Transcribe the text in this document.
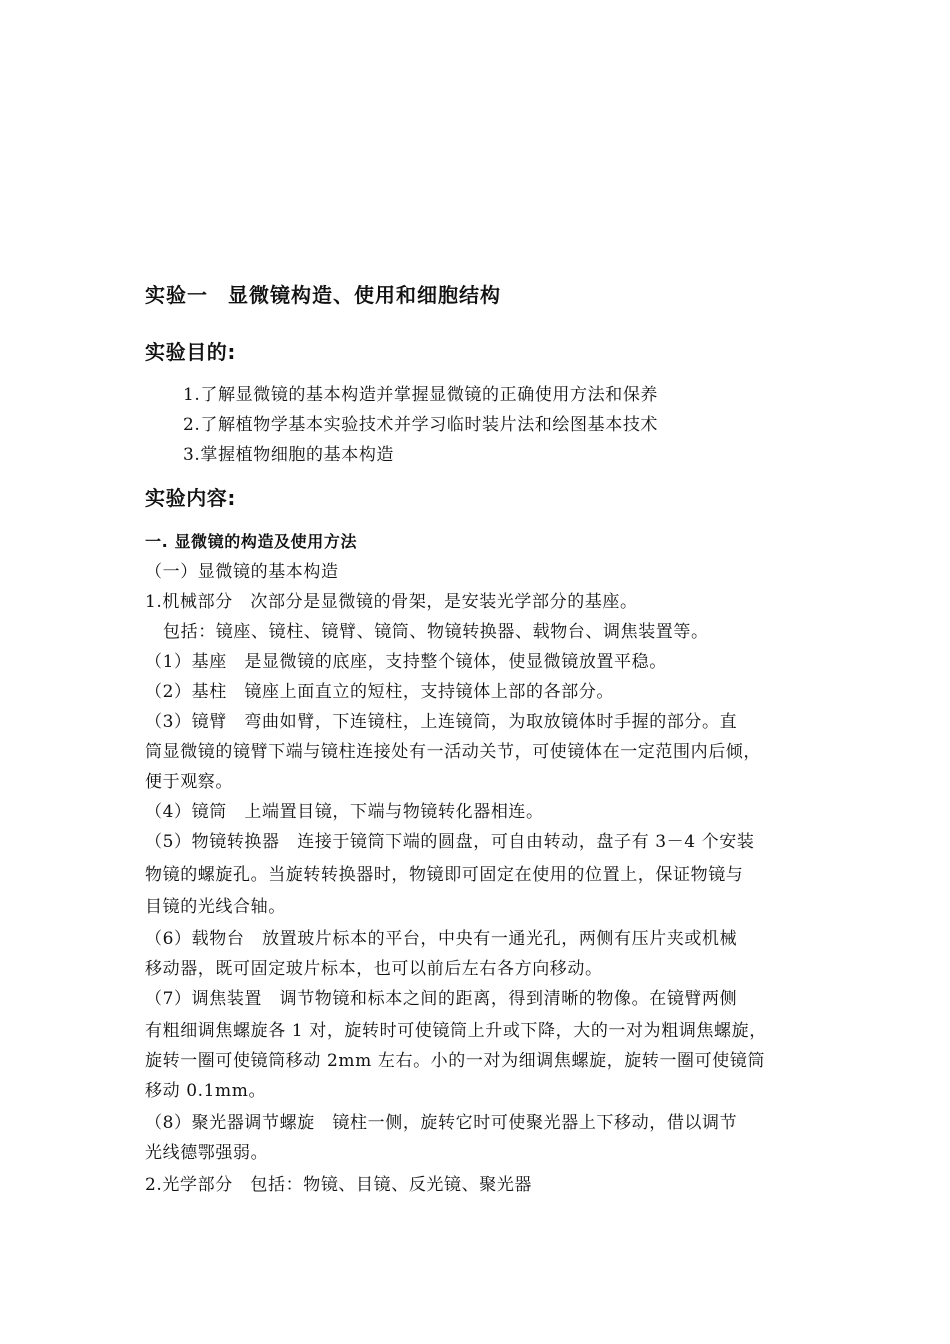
实验一 显微镜构造、使用和细胞结构
实验目的:
1.了解显微镜的基本构造并掌握显微镜的正确使用方法和保养
2.了解植物学基本实验技术并学习临时装片法和绘图基本技术
3.掌握植物细胞的基本构造
实验内容:
一. 显微镜的构造及使用方法
（一）显微镜的基本构造
1.机械部分　次部分是显微镜的骨架，是安装光学部分的基座。
包括：镜座、镜柱、镜臂、镜筒、物镜转换器、载物台、调焦装置等。
（1）基座　是显微镜的底座，支持整个镜体，使显微镜放置平稳。
（2）基柱　镜座上面直立的短柱，支持镜体上部的各部分。
（3）镜臂　弯曲如臂，下连镜柱，上连镜筒，为取放镜体时手握的部分。直
筒显微镜的镜臂下端与镜柱连接处有一活动关节，可使镜体在一定范围内后倾，
便于观察。
（4）镜筒　上端置目镜，下端与物镜转化器相连。
（5）物镜转换器　连接于镜筒下端的圆盘，可自由转动，盘子有 3－4 个安装
物镜的螺旋孔。当旋转转换器时，物镜即可固定在使用的位置上，保证物镜与
目镜的光线合轴。
（6）载物台　放置玻片标本的平台，中央有一通光孔，两侧有压片夹或机械
移动器，既可固定玻片标本，也可以前后左右各方向移动。
（7）调焦装置　调节物镜和标本之间的距离，得到清晰的物像。在镜臂两侧
有粗细调焦螺旋各 1 对，旋转时可使镜筒上升或下降，大的一对为粗调焦螺旋，
旋转一圈可使镜筒移动 2mm 左右。小的一对为细调焦螺旋，旋转一圈可使镜筒
移动 0.1mm。
（8）聚光器调节螺旋　镜柱一侧，旋转它时可使聚光器上下移动，借以调节
光线德鄂强弱。
2.光学部分　包括：物镜、目镜、反光镜、聚光器
